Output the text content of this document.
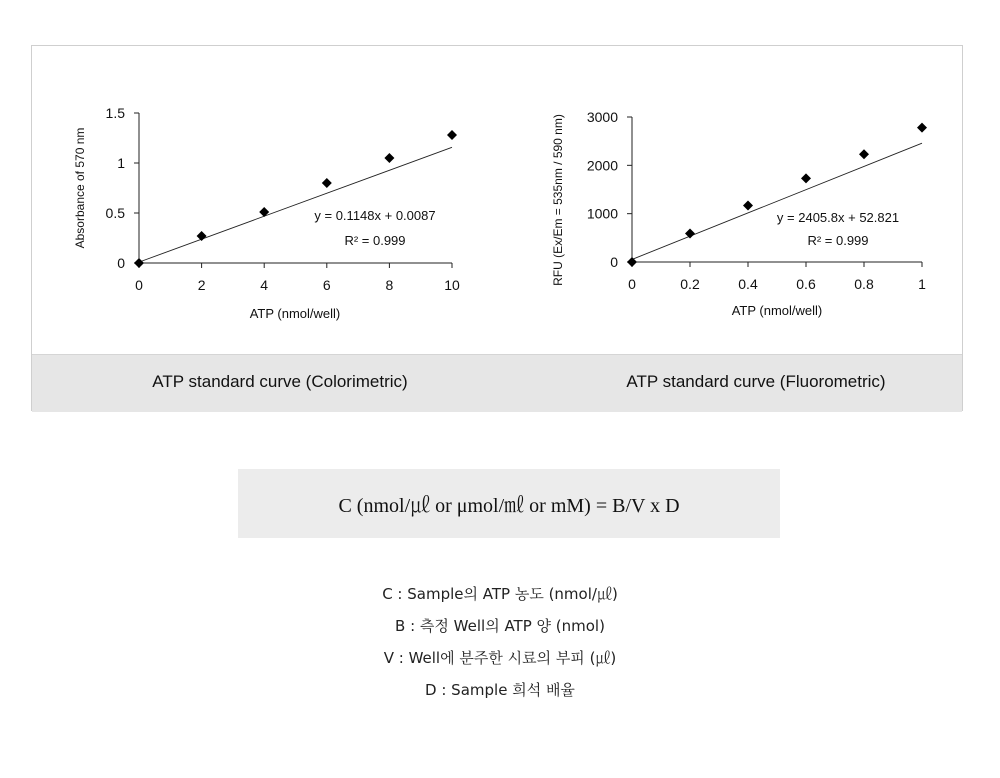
ATP standard curve (Colorimetric)	ATP standard curve (Fluorometric)
0	2	4	6	8	10
0
0.5
1
1.5
ATP (nmol/well)
Absorbance of 570 nm	y = 0.1148x + 0.0087
R² = 0.999
0	0.2	0.4	0.6	0.8	1
0
1000
2000
3000
ATP (nmol/well)
RFU (Ex/Em = 535nm / 590 nm)	y = 2405.8x + 52.821
R² = 0.999
C (nmol/㎕ or μmol/㎖ or mM) = B/V x D
C : Sample의 ATP 농도 (nmol/㎕)
B : 측정 Well의 ATP 양 (nmol)
V : Well에 분주한 시료의 부피 (㎕)
D : Sample 희석 배율
